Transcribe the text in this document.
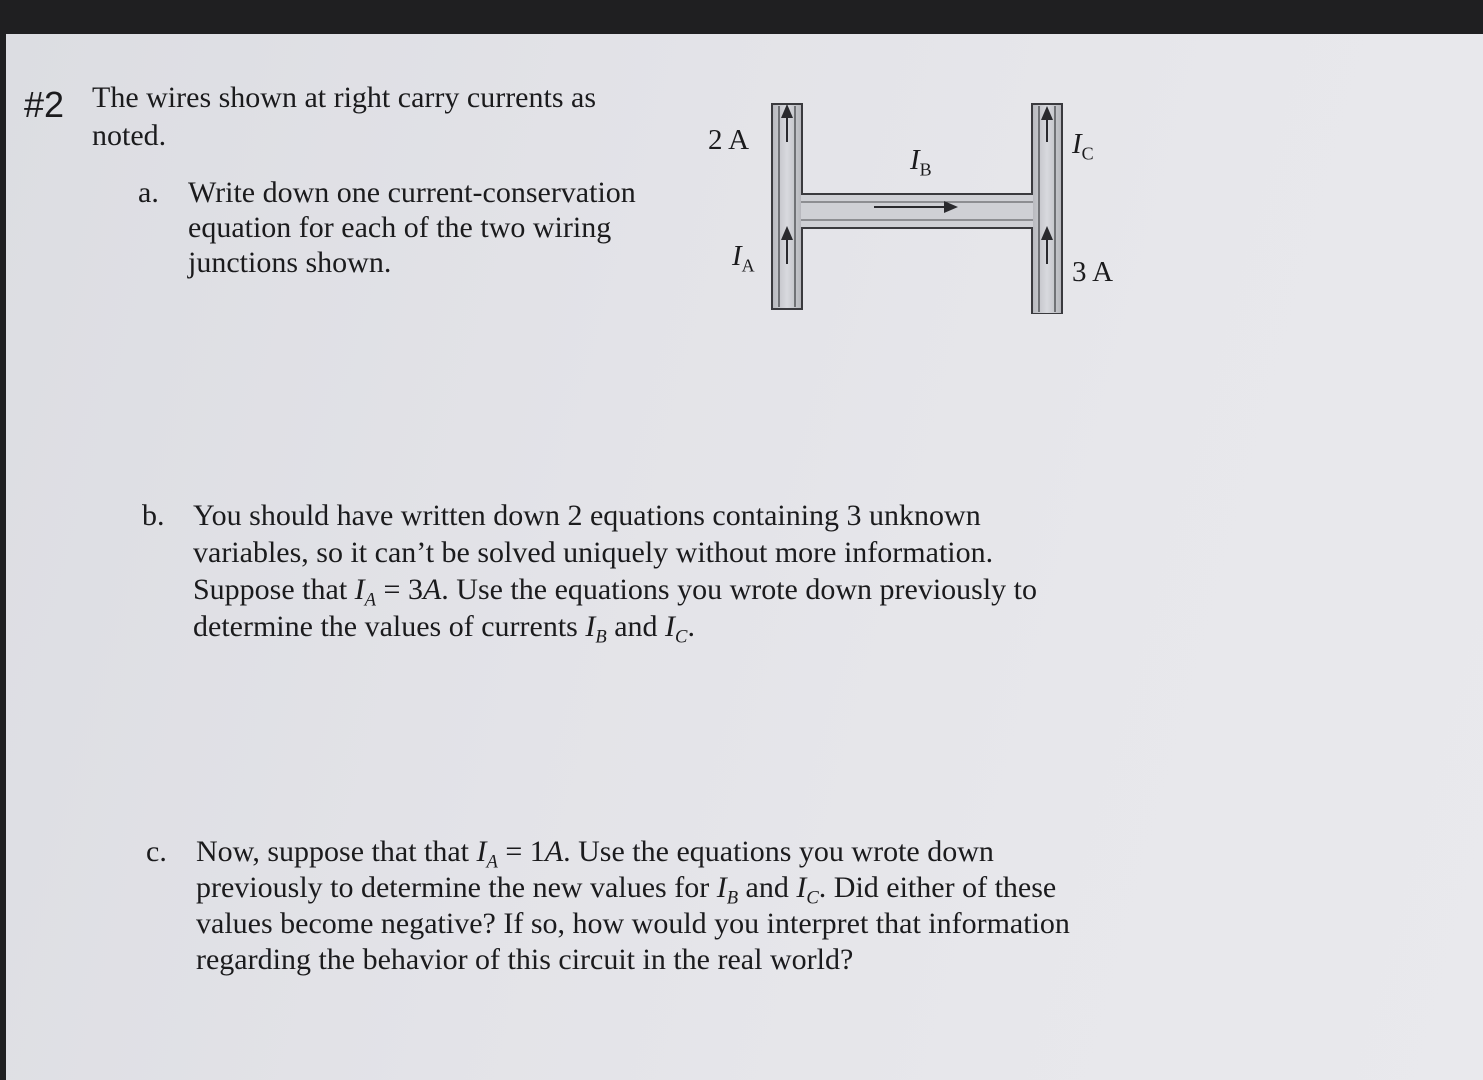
#2 The wires shown at right carry currents as
noted.
a. Write down one current-conservation
equation for each of the two wiring
junctions shown.
2 A
$I_A$
$I_B$
$I_C$
3 A
b. You should have written down 2 equations containing 3 unknown
variables, so it can’t be solved uniquely without more information.
Suppose that $I_A = 3A$. Use the equations you wrote down previously to
determine the values of currents $I_B$ and $I_C$.
c. Now, suppose that that $I_A = 1A$. Use the equations you wrote down
previously to determine the new values for $I_B$ and $I_C$. Did either of these
values become negative? If so, how would you interpret that information
regarding the behavior of this circuit in the real world?
